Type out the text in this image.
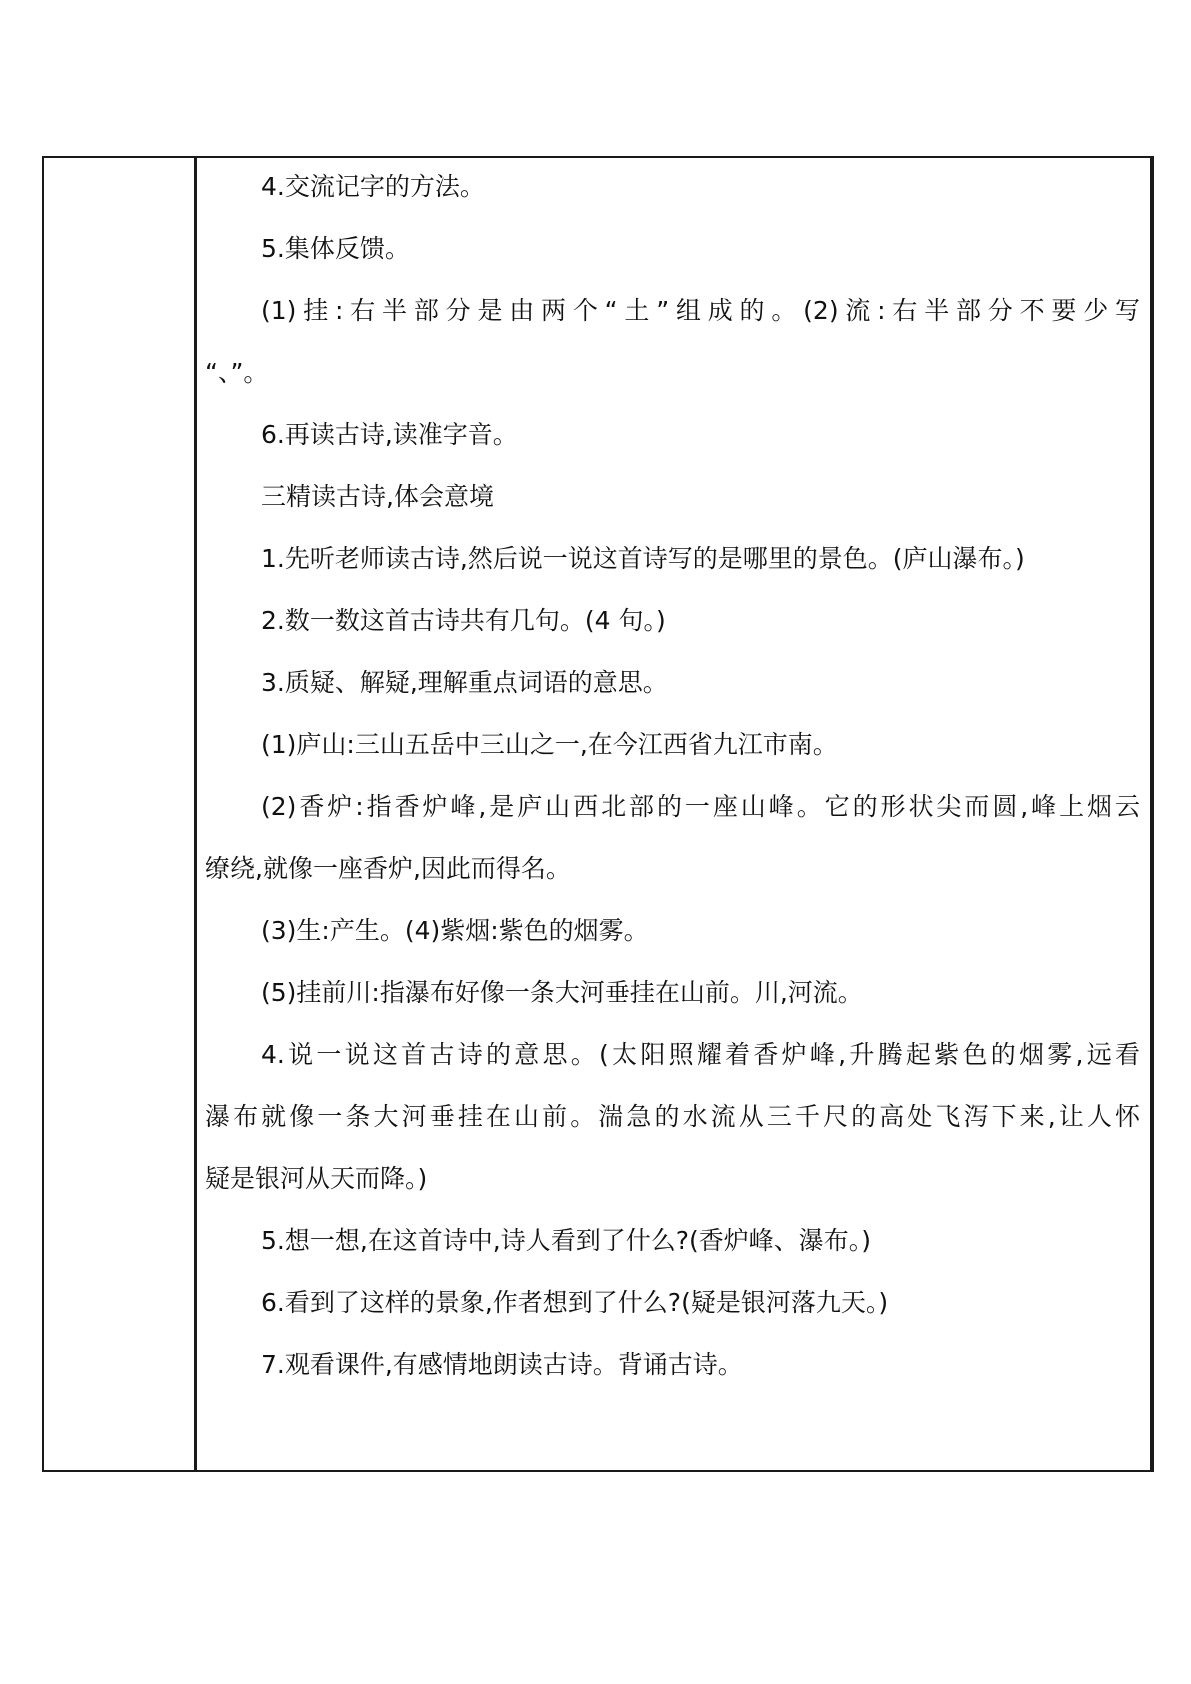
4.交流记字的方法。
5.集体反馈。
(1)挂:右半部分是由两个“土”组成的。(2)流:右半部分不要少写
“、”。
6.再读古诗,读准字音。
三精读古诗,体会意境
1.先听老师读古诗,然后说一说这首诗写的是哪里的景色。(庐山瀑布。)
2.数一数这首古诗共有几句。(4 句。)
3.质疑、解疑,理解重点词语的意思。
(1)庐山:三山五岳中三山之一,在今江西省九江市南。
(2)香炉:指香炉峰,是庐山西北部的一座山峰。它的形状尖而圆,峰上烟云
缭绕,就像一座香炉,因此而得名。
(3)生:产生。(4)紫烟:紫色的烟雾。
(5)挂前川:指瀑布好像一条大河垂挂在山前。川,河流。
4.说一说这首古诗的意思。(太阳照耀着香炉峰,升腾起紫色的烟雾,远看
瀑布就像一条大河垂挂在山前。湍急的水流从三千尺的高处飞泻下来,让人怀
疑是银河从天而降。)
5.想一想,在这首诗中,诗人看到了什么?(香炉峰、瀑布。)
6.看到了这样的景象,作者想到了什么?(疑是银河落九天。)
7.观看课件,有感情地朗读古诗。背诵古诗。
